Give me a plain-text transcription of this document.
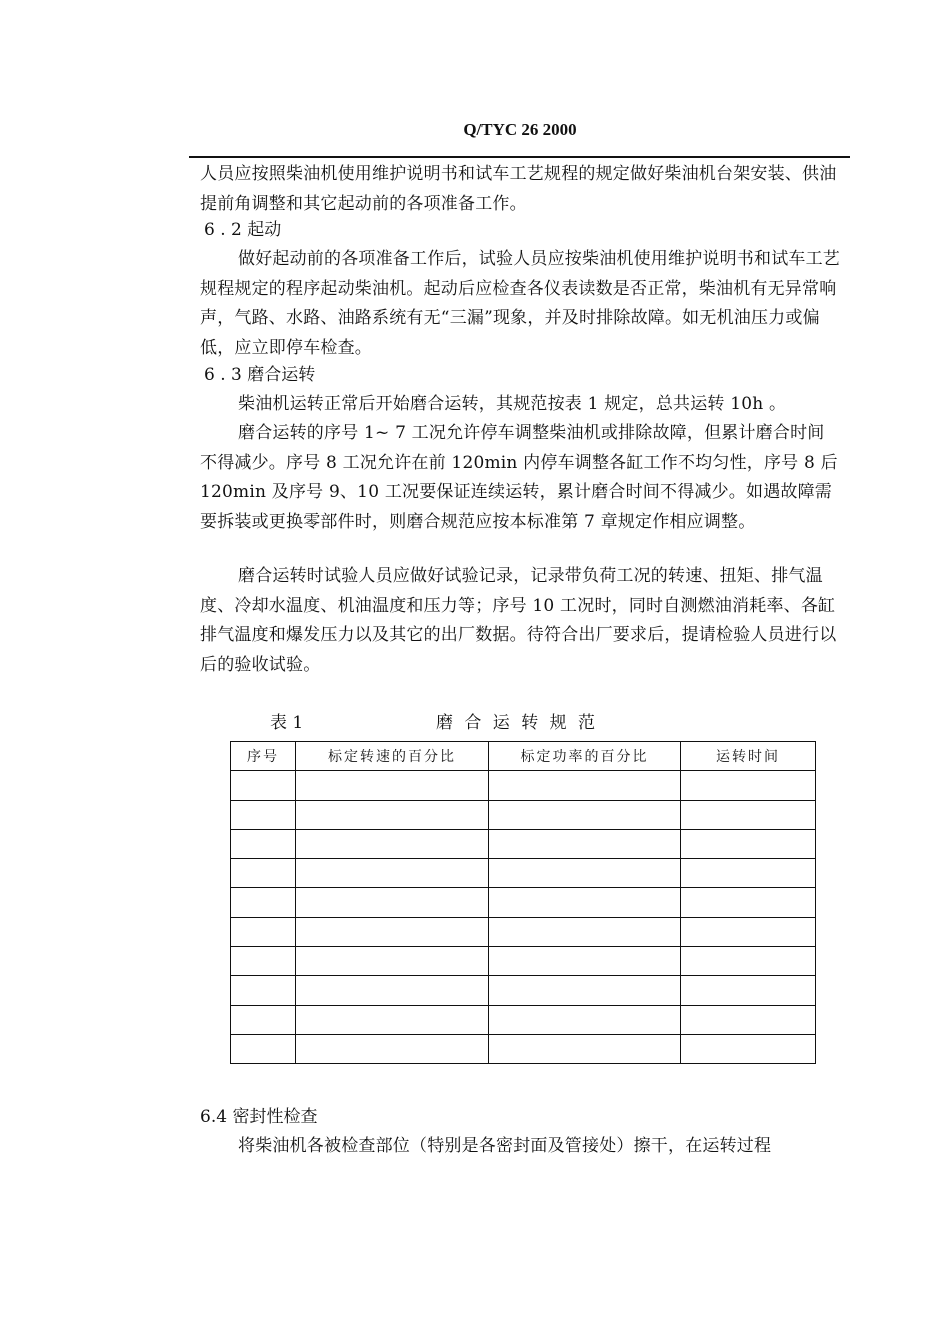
Q/TYC 26 2000

人员应按照柴油机使用维护说明书和试车工艺规程的规定做好柴油机台架安装、供油提前角调整和其它起动前的各项准备工作。

6 . 2 起动

做好起动前的各项准备工作后，试验人员应按柴油机使用维护说明书和试车工艺规程规定的程序起动柴油机。起动后应检查各仪表读数是否正常，柴油机有无异常响声，气路、水路、油路系统有无“三漏”现象，并及时排除故障。如无机油压力或偏低，应立即停车检查。

6 . 3 磨合运转

柴油机运转正常后开始磨合运转，其规范按表 1 规定，总共运转 10h 。

磨合运转的序号 1~ 7 工况允许停车调整柴油机或排除故障，但累计磨合时间不得减少。序号 8 工况允许在前 120min 内停车调整各缸工作不均匀性，序号 8 后 120min 及序号 9、10 工况要保证连续运转，累计磨合时间不得减少。如遇故障需要拆装或更换零部件时，则磨合规范应按本标准第 7 章规定作相应调整。

磨合运转时试验人员应做好试验记录，记录带负荷工况的转速、扭矩、排气温度、冷却水温度、机油温度和压力等；序号 10 工况时，同时自测燃油消耗率、各缸排气温度和爆发压力以及其它的出厂数据。待符合出厂要求后，提请检验人员进行以后的验收试验。

表 1	磨 合 运 转 规 范
序号	标定转速的百分比	标定功率的百分比	运转时间

6.4 密封性检查

将柴油机各被检查部位（特别是各密封面及管接处）擦干，在运转过程
